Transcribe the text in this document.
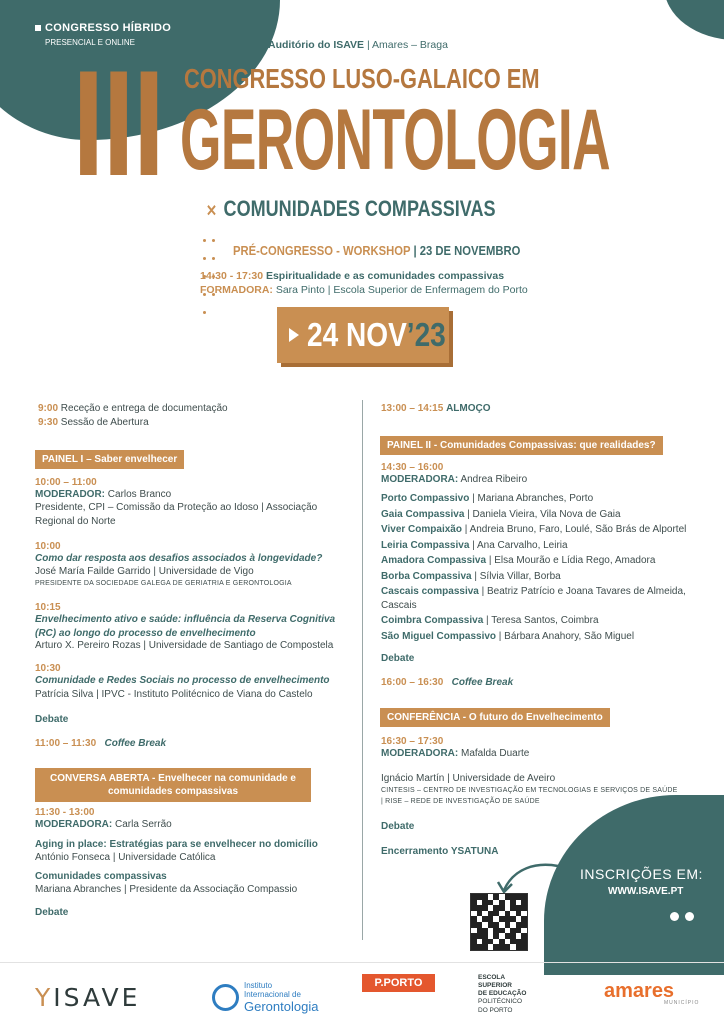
CONGRESSO HÍBRIDO
PRESENCIAL E ONLINE	Auditório do ISAVE | Amares – Braga
III CONGRESSO LUSO-GALAICO EM
GERONTOLOGIA
✕ COMUNIDADES COMPASSIVAS
PRÉ-CONGRESSO - WORKSHOP | 23 DE NOVEMBRO
14:30 - 17:30 Espiritualidade e as comunidades compassivas
FORMADORA: Sara Pinto | Escola Superior de Enfermagem do Porto
24 NOV’23
9:00 Receção e entrega de documentação
9:30 Sessão de Abertura
PAINEL I – Saber envelhecer
10:00 – 11:00
MODERADOR: Carlos Branco
Presidente, CPI – Comissão da Proteção ao Idoso | Associação Regional do Norte
10:00
Como dar resposta aos desafios associados à longevidade?
José María Failde Garrido | Universidade de Vigo
PRESIDENTE DA SOCIEDADE GALEGA DE GERIATRIA E GERONTOLOGIA
10:15
Envelhecimento ativo e saúde: influência da Reserva Cognitiva (RC) ao longo do processo de envelhecimento
Arturo X. Pereiro Rozas | Universidade de Santiago de Compostela
10:30
Comunidade e Redes Sociais no processo de envelhecimento
Patrícia Silva | IPVC - Instituto Politécnico de Viana do Castelo
Debate
11:00 – 11:30 Coffee Break
CONVERSA ABERTA - Envelhecer na comunidade e
comunidades compassivas
11:30 - 13:00
MODERADORA: Carla Serrão
Aging in place: Estratégias para se envelhecer no domicílio
António Fonseca | Universidade Católica
Comunidades compassivas
Mariana Abranches | Presidente da Associação Compassio
Debate
13:00 – 14:15 ALMOÇO
PAINEL II - Comunidades Compassivas: que realidades?
14:30 – 16:00
MODERADORA: Andrea Ribeiro
Porto Compassivo | Mariana Abranches, Porto
Gaia Compassiva | Daniela Vieira, Vila Nova de Gaia
Viver Compaixão | Andreia Bruno, Faro, Loulé, São Brás de Alportel
Leiria Compassiva | Ana Carvalho, Leiria
Amadora Compassiva | Elsa Mourão e Lídia Rego, Amadora
Borba Compassiva | Sílvia Villar, Borba
Cascais compassiva | Beatriz Patrício e Joana Tavares de Almeida, Cascais
Coimbra Compassiva | Teresa Santos, Coimbra
São Miguel Compassivo | Bárbara Anahory, São Miguel
Debate
16:00 – 16:30 Coffee Break
CONFERÊNCIA - O futuro do Envelhecimento
16:30 – 17:30
MODERADORA: Mafalda Duarte
Ignácio Martín | Universidade de Aveiro
CINTESIS – CENTRO DE INVESTIGAÇÃO EM TECNOLOGIAS E SERVIÇOS DE SAÚDE
| RISE – REDE DE INVESTIGAÇÃO DE SAÚDE
Debate
Encerramento YSATUNA
INSCRIÇÕES EM:
WWW.ISAVE.PT
YISAVE	Instituto
Internacional de
Gerontologia
P.PORTO	ESCOLA
SUPERIOR
DE EDUCAÇÃO
POLITÉCNICO
DO PORTO
amares
MUNICÍPIO
